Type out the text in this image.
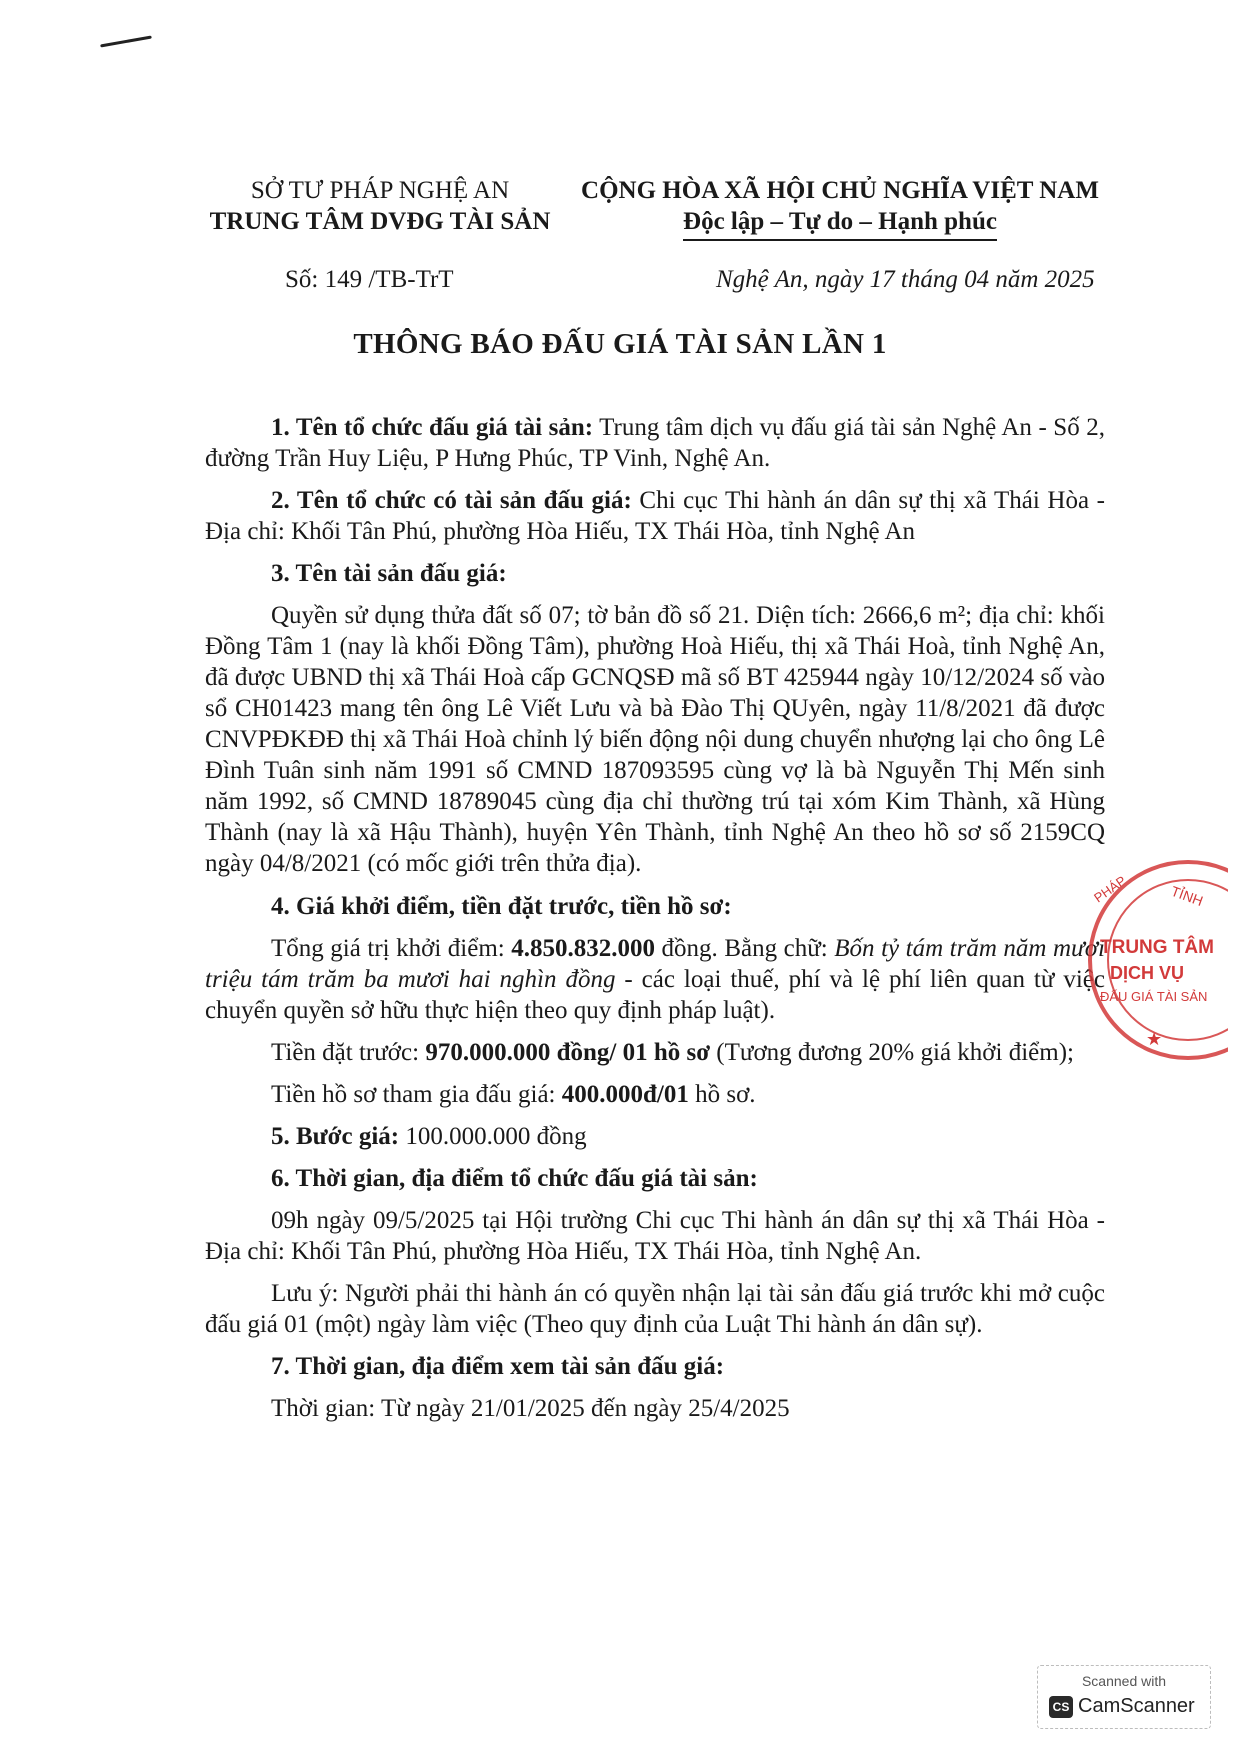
SỞ TƯ PHÁP NGHỆ AN
TRUNG TÂM DVĐG TÀI SẢN
CỘNG HÒA XÃ HỘI CHỦ NGHĨA VIỆT NAM
Độc lập – Tự do – Hạnh phúc
Số: 149 /TB-TrT	Nghệ An, ngày 17 tháng 04 năm 2025
THÔNG BÁO ĐẤU GIÁ TÀI SẢN LẦN 1

1. Tên tổ chức đấu giá tài sản: Trung tâm dịch vụ đấu giá tài sản Nghệ An - Số 2, đường Trần Huy Liệu, P Hưng Phúc, TP Vinh, Nghệ An.

2. Tên tổ chức có tài sản đấu giá: Chi cục Thi hành án dân sự thị xã Thái Hòa - Địa chỉ: Khối Tân Phú, phường Hòa Hiếu, TX Thái Hòa, tỉnh Nghệ An

3. Tên tài sản đấu giá:

Quyền sử dụng thửa đất số 07; tờ bản đồ số 21. Diện tích: 2666,6 m²; địa chỉ: khối Đồng Tâm 1 (nay là khối Đồng Tâm), phường Hoà Hiếu, thị xã Thái Hoà, tỉnh Nghệ An, đã được UBND thị xã Thái Hoà cấp GCNQSĐ mã số BT 425944 ngày 10/12/2024 số vào sổ CH01423 mang tên ông Lê Viết Lưu và bà Đào Thị QUyên, ngày 11/8/2021 đã được CNVPĐKĐĐ thị xã Thái Hoà chỉnh lý biến động nội dung chuyển nhượng lại cho ông Lê Đình Tuân sinh năm 1991 số CMND 187093595 cùng vợ là bà Nguyễn Thị Mến sinh năm 1992, số CMND 18789045 cùng địa chỉ thường trú tại xóm Kim Thành, xã Hùng Thành (nay là xã Hậu Thành), huyện Yên Thành, tỉnh Nghệ An theo hồ sơ số 2159CQ ngày 04/8/2021 (có mốc giới trên thửa địa).

4. Giá khởi điểm, tiền đặt trước, tiền hồ sơ:

Tổng giá trị khởi điểm: 4.850.832.000 đồng. Bằng chữ: Bốn tỷ tám trăm năm mươi triệu tám trăm ba mươi hai nghìn đồng - các loại thuế, phí và lệ phí liên quan từ việc chuyển quyền sở hữu thực hiện theo quy định pháp luật).

Tiền đặt trước: 970.000.000 đồng/ 01 hồ sơ (Tương đương 20% giá khởi điểm);

Tiền hồ sơ tham gia đấu giá: 400.000đ/01 hồ sơ.

5. Bước giá: 100.000.000 đồng

6. Thời gian, địa điểm tổ chức đấu giá tài sản:

09h ngày 09/5/2025 tại Hội trường Chi cục Thi hành án dân sự thị xã Thái Hòa - Địa chỉ: Khối Tân Phú, phường Hòa Hiếu, TX Thái Hòa, tỉnh Nghệ An.

Lưu ý: Người phải thi hành án có quyền nhận lại tài sản đấu giá trước khi mở cuộc đấu giá 01 (một) ngày làm việc (Theo quy định của Luật Thi hành án dân sự).

7. Thời gian, địa điểm xem tài sản đấu giá:

Thời gian: Từ ngày 21/01/2025 đến ngày 25/4/2025

TỈNH
PHÁP
TRUNG TÂM
DỊCH VỤ
ĐẤU GIÁ TÀI SẢN
★
Scanned with
CS CamScanner
